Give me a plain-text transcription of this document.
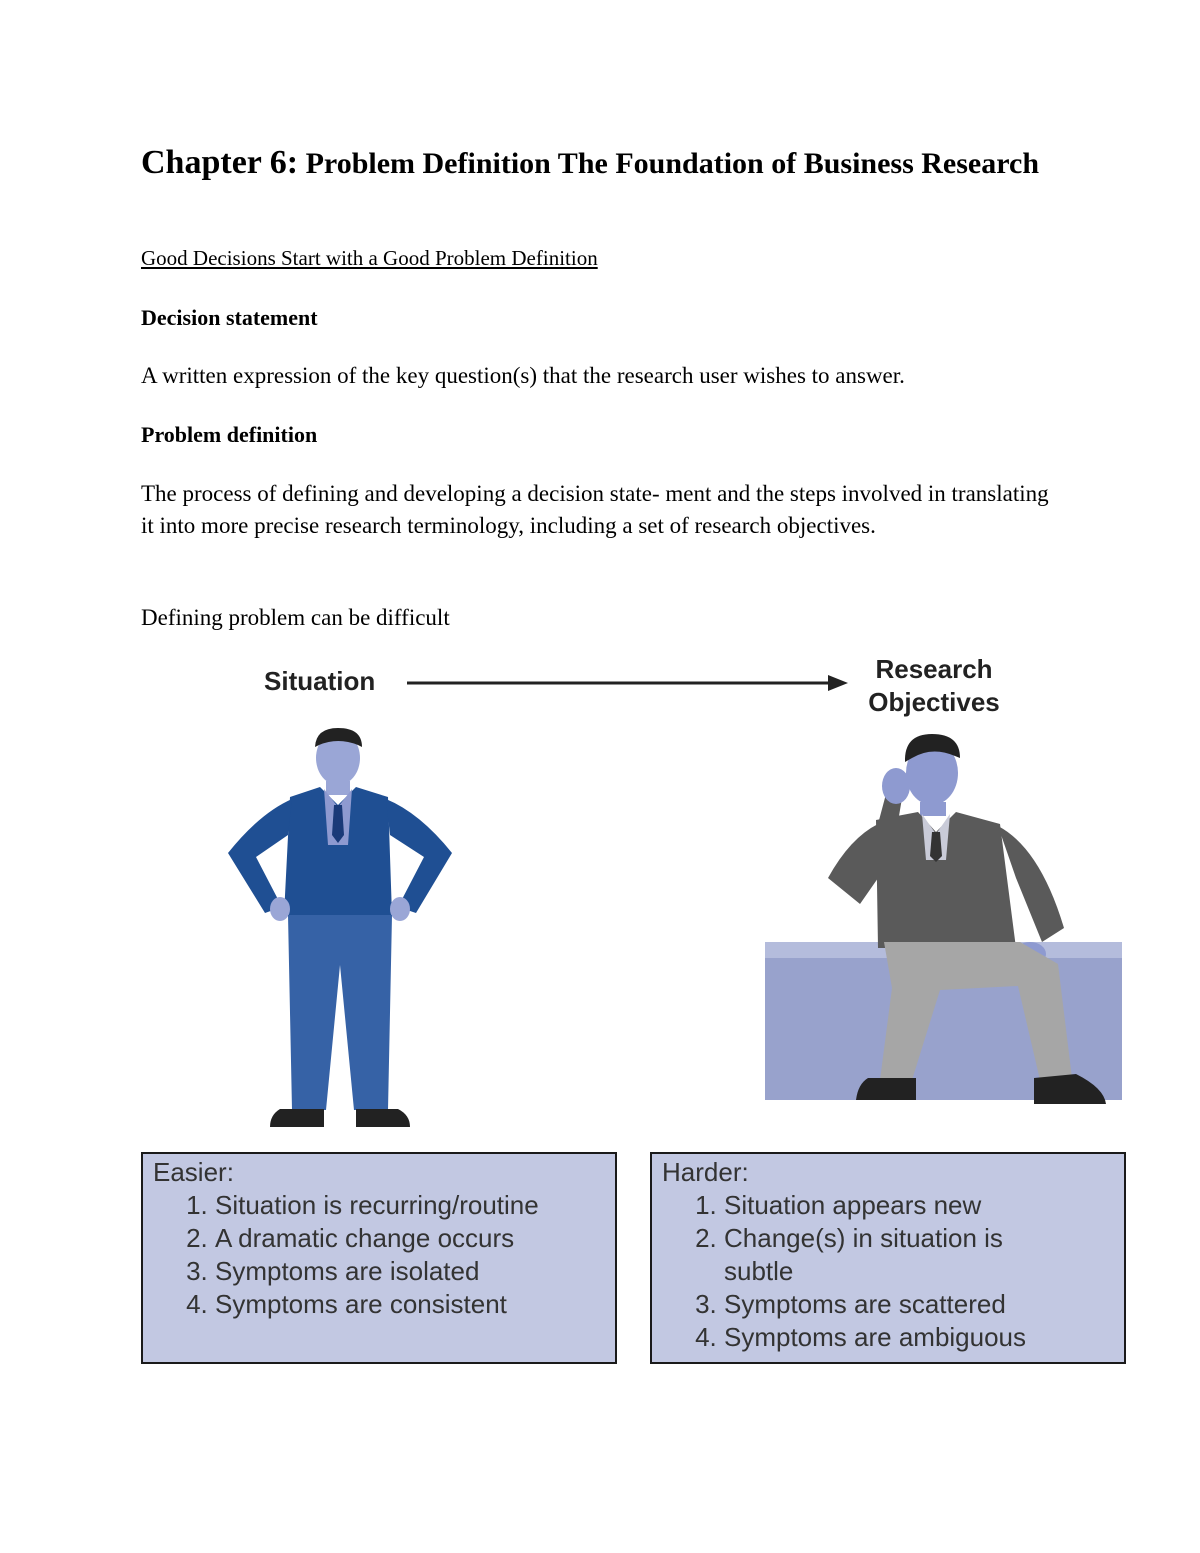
Chapter 6: Problem Definition The Foundation of Business Research
Good Decisions Start with a Good Problem Definition
Decision statement
A written expression of the key question(s) that the research user wishes to answer.
Problem definition
The process of defining and developing a decision state- ment and the steps involved in translating it into more precise research terminology, including a set of research objectives.
Defining problem can be difficult
Situation	Research
Objectives
Easier:
1. Situation is recurring/routine
2. A dramatic change occurs
3. Symptoms are isolated
4. Symptoms are consistent
Harder:
1. Situation appears new
2. Change(s) in situation is subtle
3. Symptoms are scattered
4. Symptoms are ambiguous
